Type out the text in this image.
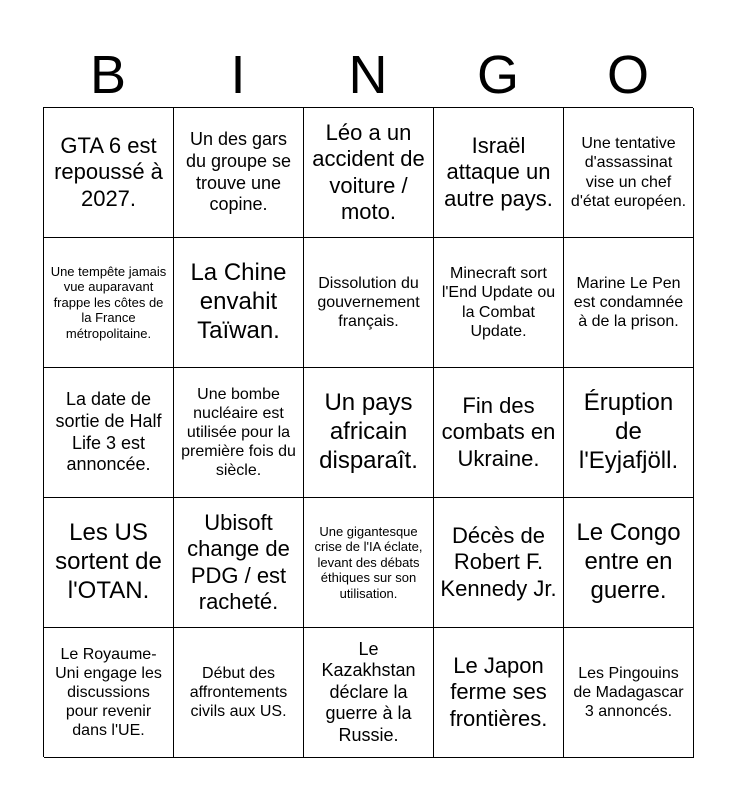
B	I	N	G	O
GTA 6 est repoussé à 2027.
Un des gars du groupe se trouve une copine.
Léo a un accident de voiture / moto.
Israël attaque un autre pays.
Une tentative d'assassinat vise un chef d'état européen.
Une tempête jamais vue auparavant frappe les côtes de la France métropolitaine.
La Chine envahit Taïwan.
Dissolution du gouvernement français.
Minecraft sort l'End Update ou la Combat Update.
Marine Le Pen est condamnée à de la prison.
La date de sortie de Half Life 3 est annoncée.
Une bombe nucléaire est utilisée pour la première fois du siècle.
Un pays africain disparaît.
Fin des combats en Ukraine.
Éruption de l'Eyjafjöll.
Les US sortent de l'OTAN.
Ubisoft change de PDG / est racheté.
Une gigantesque crise de l'IA éclate, levant des débats éthiques sur son utilisation.
Décès de Robert F. Kennedy Jr.
Le Congo entre en guerre.
Le Royaume-Uni engage les discussions pour revenir dans l'UE.
Début des affrontements civils aux US.
Le Kazakhstan déclare la guerre à la Russie.
Le Japon ferme ses frontières.
Les Pingouins de Madagascar 3 annoncés.
